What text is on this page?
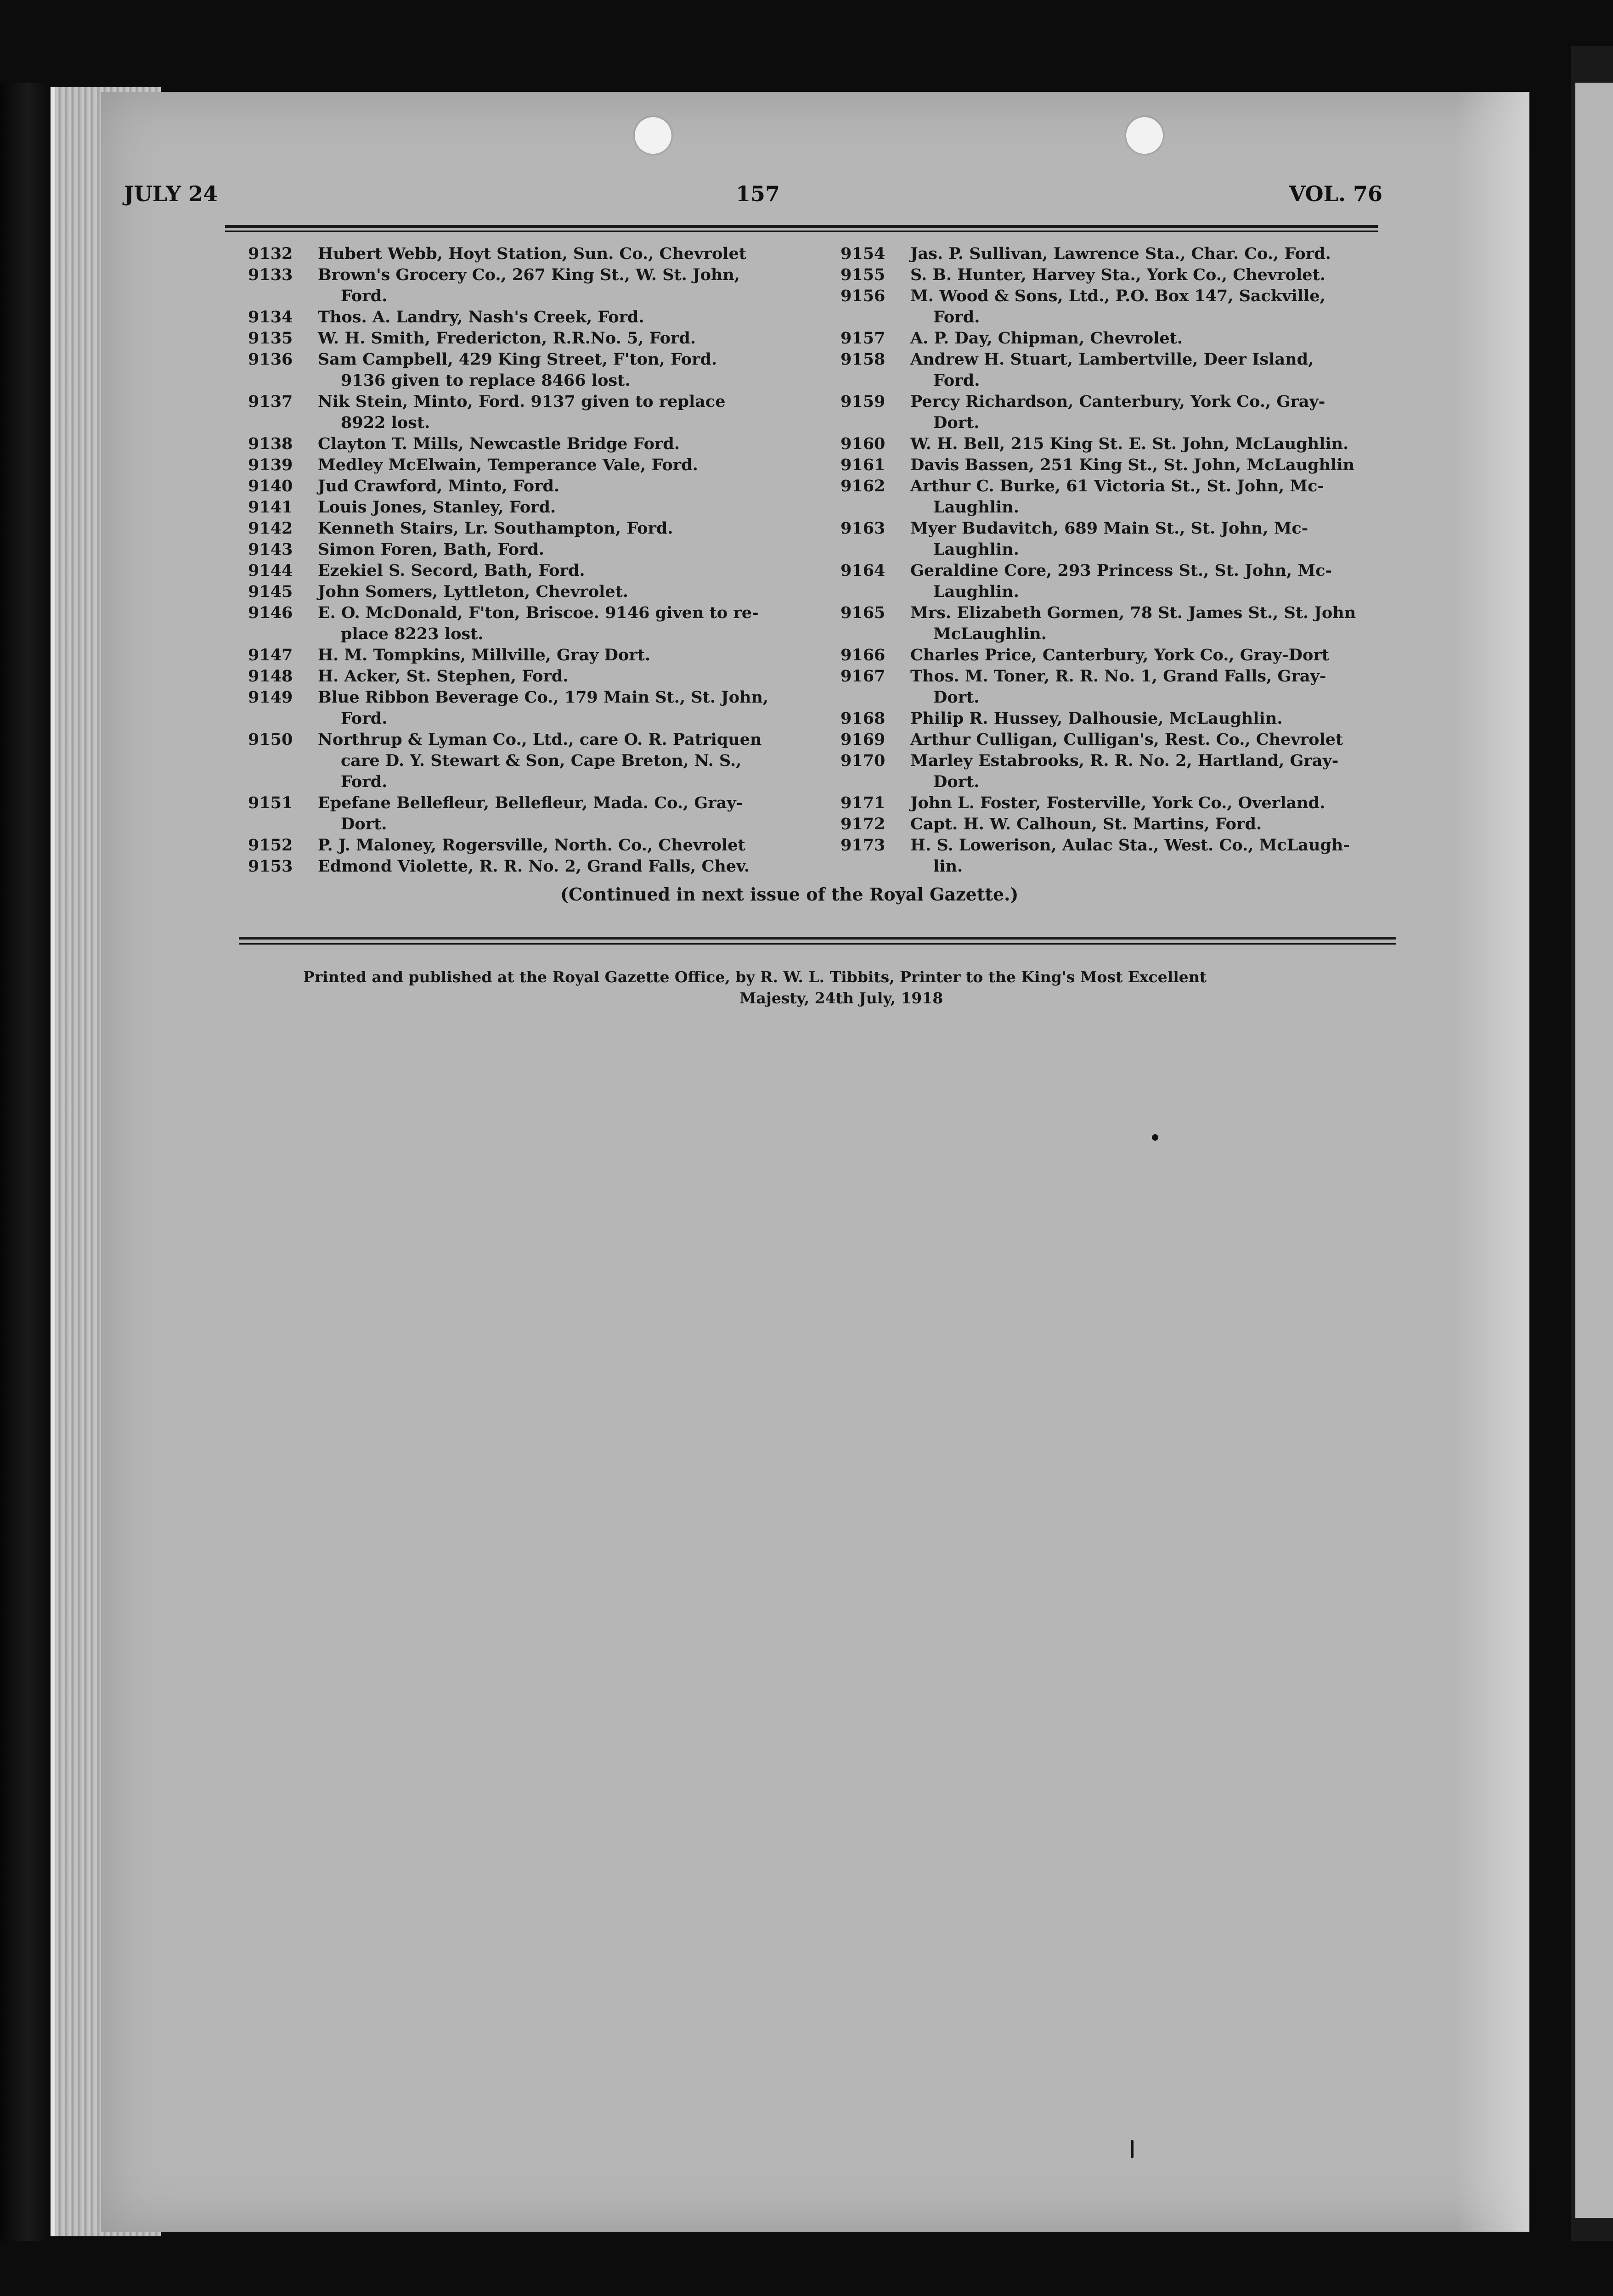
JULY 24	157	VOL. 76
9132	Hubert Webb, Hoyt Station, Sun. Co., Chevrolet
9133	Brown's Grocery Co., 267 King St., W. St. John,
Ford.
9134	Thos. A. Landry, Nash's Creek, Ford.
9135	W. H. Smith, Fredericton, R.R.No. 5, Ford.
9136	Sam Campbell, 429 King Street, F'ton, Ford.
9136 given to replace 8466 lost.
9137	Nik Stein, Minto, Ford. 9137 given to replace
8922 lost.
9138	Clayton T. Mills, Newcastle Bridge Ford.
9139	Medley McElwain, Temperance Vale, Ford.
9140	Jud Crawford, Minto, Ford.
9141	Louis Jones, Stanley, Ford.
9142	Kenneth Stairs, Lr. Southampton, Ford.
9143	Simon Foren, Bath, Ford.
9144	Ezekiel S. Secord, Bath, Ford.
9145	John Somers, Lyttleton, Chevrolet.
9146	E. O. McDonald, F'ton, Briscoe. 9146 given to re-
place 8223 lost.
9147	H. M. Tompkins, Millville, Gray Dort.
9148	H. Acker, St. Stephen, Ford.
9149	Blue Ribbon Beverage Co., 179 Main St., St. John,
Ford.
9150	Northrup & Lyman Co., Ltd., care O. R. Patriquen
care D. Y. Stewart & Son, Cape Breton, N. S.,
Ford.
9151	Epefane Bellefleur, Bellefleur, Mada. Co., Gray-
Dort.
9152	P. J. Maloney, Rogersville, North. Co., Chevrolet
9153	Edmond Violette, R. R. No. 2, Grand Falls, Chev.
9154	Jas. P. Sullivan, Lawrence Sta., Char. Co., Ford.
9155	S. B. Hunter, Harvey Sta., York Co., Chevrolet.
9156	M. Wood & Sons, Ltd., P.O. Box 147, Sackville,
Ford.
9157	A. P. Day, Chipman, Chevrolet.
9158	Andrew H. Stuart, Lambertville, Deer Island,
Ford.
9159	Percy Richardson, Canterbury, York Co., Gray-
Dort.
9160	W. H. Bell, 215 King St. E. St. John, McLaughlin.
9161	Davis Bassen, 251 King St., St. John, McLaughlin
9162	Arthur C. Burke, 61 Victoria St., St. John, Mc-
Laughlin.
9163	Myer Budavitch, 689 Main St., St. John, Mc-
Laughlin.
9164	Geraldine Core, 293 Princess St., St. John, Mc-
Laughlin.
9165	Mrs. Elizabeth Gormen, 78 St. James St., St. John
McLaughlin.
9166	Charles Price, Canterbury, York Co., Gray-Dort
9167	Thos. M. Toner, R. R. No. 1, Grand Falls, Gray-
Dort.
9168	Philip R. Hussey, Dalhousie, McLaughlin.
9169	Arthur Culligan, Culligan's, Rest. Co., Chevrolet
9170	Marley Estabrooks, R. R. No. 2, Hartland, Gray-
Dort.
9171	John L. Foster, Fosterville, York Co., Overland.
9172	Capt. H. W. Calhoun, St. Martins, Ford.
9173	H. S. Lowerison, Aulac Sta., West. Co., McLaugh-
lin.
(Continued in next issue of the Royal Gazette.)
Printed and published at the Royal Gazette Office, by R. W. L. Tibbits, Printer to the King's Most Excellent
Majesty, 24th July, 1918
